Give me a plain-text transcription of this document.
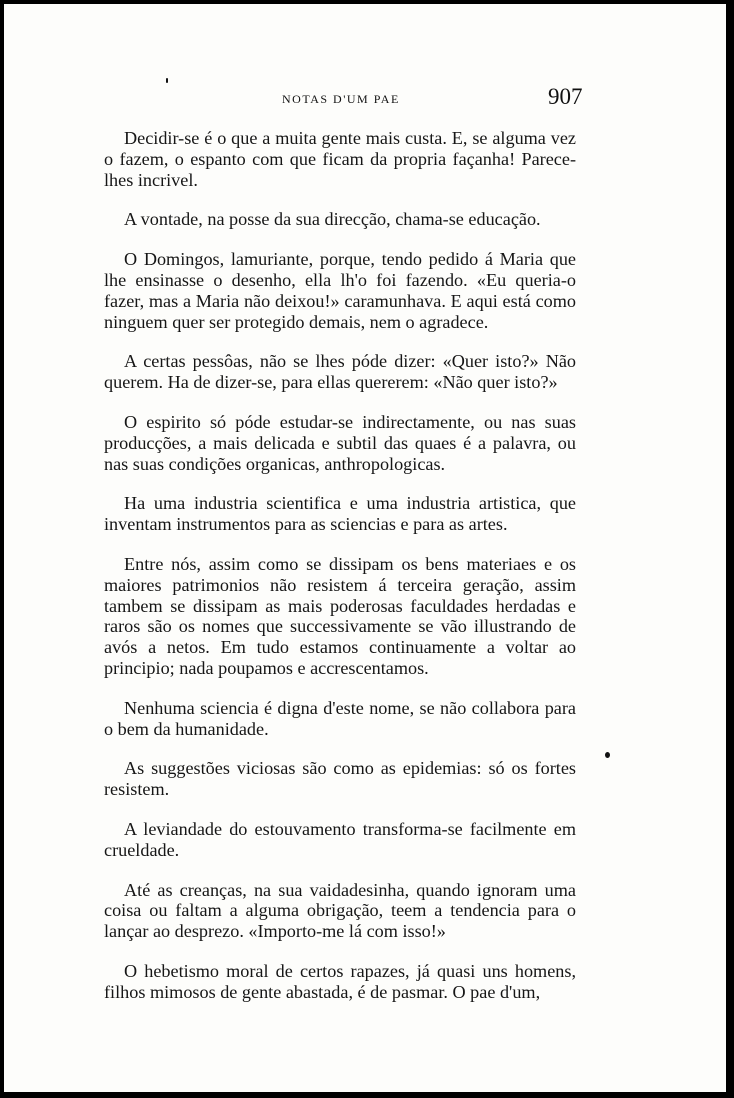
NOTAS D'UM PAE	907

Decidir-se é o que a muita gente mais custa. E, se alguma vez o fazem, o espanto com que ficam da propria façanha! Parece-lhes incrivel.

A vontade, na posse da sua direcção, chama-se educação.

O Domingos, lamuriante, porque, tendo pedido á Maria que lhe ensinasse o desenho, ella lh'o foi fazendo. «Eu queria-o fazer, mas a Maria não deixou!» caramunhava. E aqui está como ninguem quer ser protegido demais, nem o agradece.

A certas pessôas, não se lhes póde dizer: «Quer isto?» Não querem. Ha de dizer-se, para ellas quererem: «Não quer isto?»

O espirito só póde estudar-se indirectamente, ou nas suas producções, a mais delicada e subtil das quaes é a palavra, ou nas suas condições organicas, anthropologicas.

Ha uma industria scientifica e uma industria artistica, que inventam instrumentos para as sciencias e para as artes.

Entre nós, assim como se dissipam os bens materiaes e os maiores patrimonios não resistem á terceira geração, assim tambem se dissipam as mais poderosas faculdades herdadas e raros são os nomes que successivamente se vão illustrando de avós a netos. Em tudo estamos continuamente a voltar ao principio; nada poupamos e accrescentamos.

Nenhuma sciencia é digna d'este nome, se não collabora para o bem da humanidade.

As suggestões viciosas são como as epidemias: só os fortes resistem.

A leviandade do estouvamento transforma-se facilmente em crueldade.

Até as creanças, na sua vaidadesinha, quando ignoram uma coisa ou faltam a alguma obrigação, teem a tendencia para o lançar ao desprezo. «Importo-me lá com isso!»

O hebetismo moral de certos rapazes, já quasi uns homens, filhos mimosos de gente abastada, é de pasmar. O pae d'um,
